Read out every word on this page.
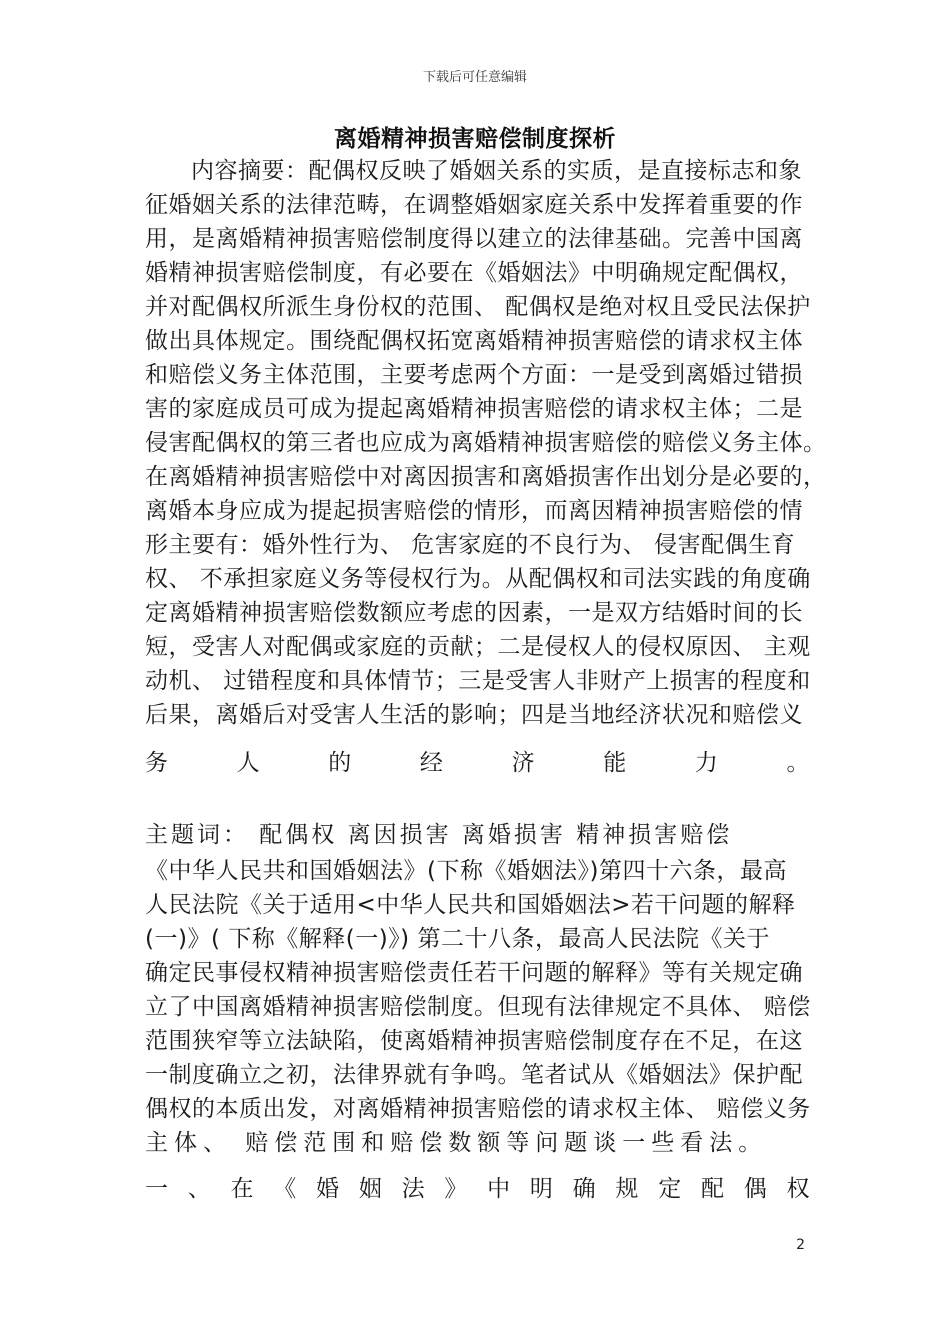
下载后可任意编辑
离婚精神损害赔偿制度探析
内容摘要：配偶权反映了婚姻关系的实质，是直接标志和象
征婚姻关系的法律范畴，在调整婚姻家庭关系中发挥着重要的作
用，是离婚精神损害赔偿制度得以建立的法律基础。完善中国离
婚精神损害赔偿制度，有必要在《婚姻法》中明确规定配偶权，
并对配偶权所派生身份权的范围、 配偶权是绝对权且受民法保护
做出具体规定。围绕配偶权拓宽离婚精神损害赔偿的请求权主体
和赔偿义务主体范围，主要考虑两个方面：一是受到离婚过错损
害的家庭成员可成为提起离婚精神损害赔偿的请求权主体；二是
侵害配偶权的第三者也应成为离婚精神损害赔偿的赔偿义务主体。
在离婚精神损害赔偿中对离因损害和离婚损害作出划分是必要的，
离婚本身应成为提起损害赔偿的情形，而离因精神损害赔偿的情
形主要有：婚外性行为、 危害家庭的不良行为、 侵害配偶生育
权、 不承担家庭义务等侵权行为。从配偶权和司法实践的角度确
定离婚精神损害赔偿数额应考虑的因素，一是双方结婚时间的长
短，受害人对配偶或家庭的贡献；二是侵权人的侵权原因、 主观
动机、 过错程度和具体情节；三是受害人非财产上损害的程度和
后果，离婚后对受害人生活的影响；四是当地经济状况和赔偿义
务 人 的 经 济 能 力 。
主题词： 配偶权 离因损害 离婚损害 精神损害赔偿
《中华人民共和国婚姻法》(下称《婚姻法》)第四十六条，最高
人民法院《关于适用<中华人民共和国婚姻法>若干问题的解释
(一)》( 下称《解释(一)》) 第二十八条，最高人民法院《关于
确定民事侵权精神损害赔偿责任若干问题的解释》等有关规定确
立了中国离婚精神损害赔偿制度。但现有法律规定不具体、 赔偿
范围狭窄等立法缺陷，使离婚精神损害赔偿制度存在不足，在这
一制度确立之初，法律界就有争鸣。笔者试从《婚姻法》保护配
偶权的本质出发，对离婚精神损害赔偿的请求权主体、 赔偿义务
主体、 赔偿范围和赔偿数额等问题谈一些看法。
一 、 在 《 婚 姻 法 》 中 明 确 规 定 配 偶 权
2
